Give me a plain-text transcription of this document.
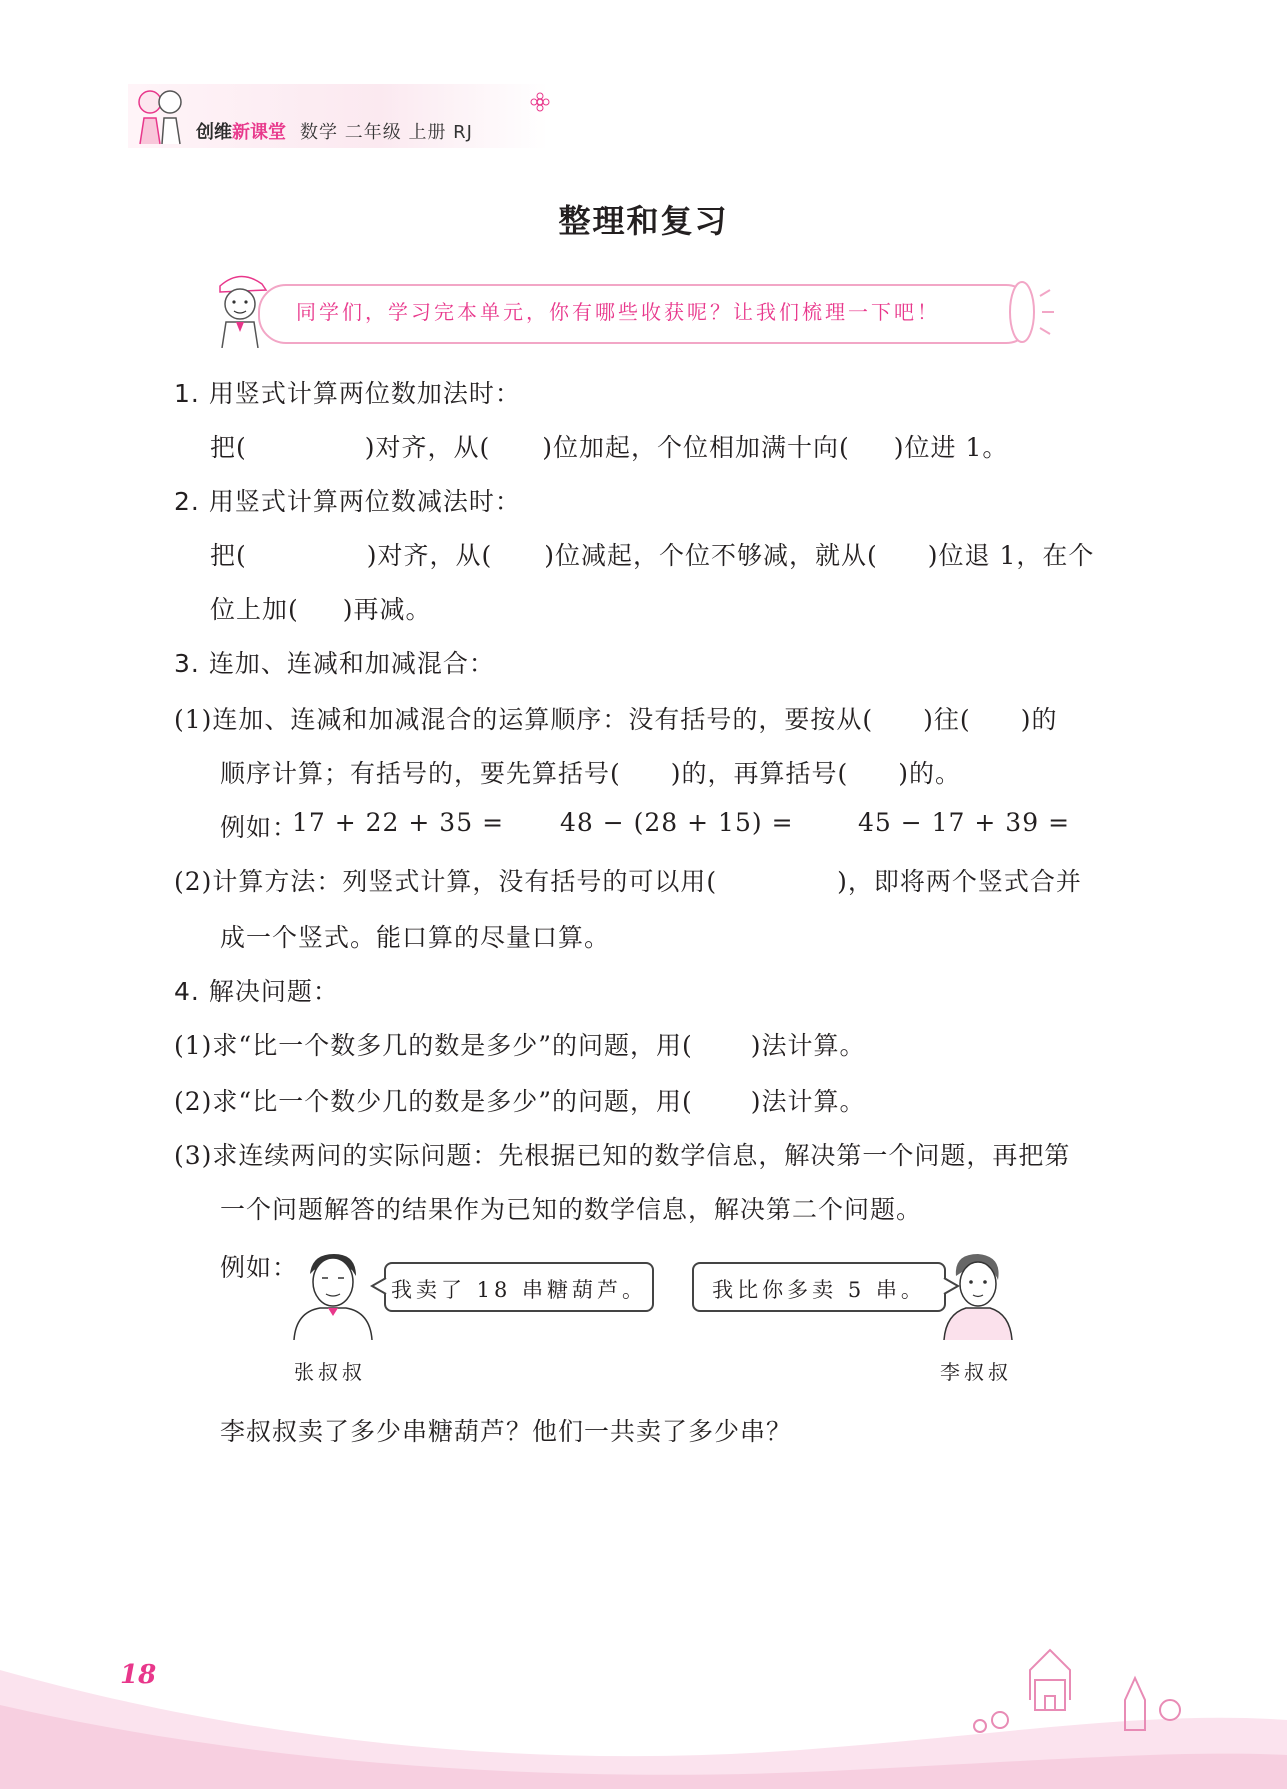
创维新课堂 数学 二年级 上册 RJ
整理和复习
同学们，学习完本单元，你有哪些收获呢？让我们梳理一下吧！
1. 用竖式计算两位数加法时：
把(	)对齐，从( )位加起，个位相加满十向( )位进 1。
2. 用竖式计算两位数减法时：
把(	)对齐，从( )位减起，个位不够减，就从( )位退 1，在个
位上加( )再减。
3. 连加、连减和加减混合：
(1)连加、连减和加减混合的运算顺序：没有括号的，要按从( )往( )的
顺序计算；有括号的，要先算括号( )的，再算括号( )的。
例如：
17 + 22 + 35 = 48 − (28 + 15) =	45 − 17 + 39 =
(2)计算方法：列竖式计算，没有括号的可以用(	)，即将两个竖式合并
成一个竖式。能口算的尽量口算。
4. 解决问题：
(1)求“比一个数多几的数是多少”的问题，用( )法计算。
(2)求“比一个数少几的数是多少”的问题，用( )法计算。
(3)求连续两问的实际问题：先根据已知的数学信息，解决第一个问题，再把第
一个问题解答的结果作为已知的数学信息，解决第二个问题。
例如：
我卖了 18 串糖葫芦。	我比你多卖 5 串。
张叔叔	李叔叔
李叔叔卖了多少串糖葫芦？他们一共卖了多少串？
18
